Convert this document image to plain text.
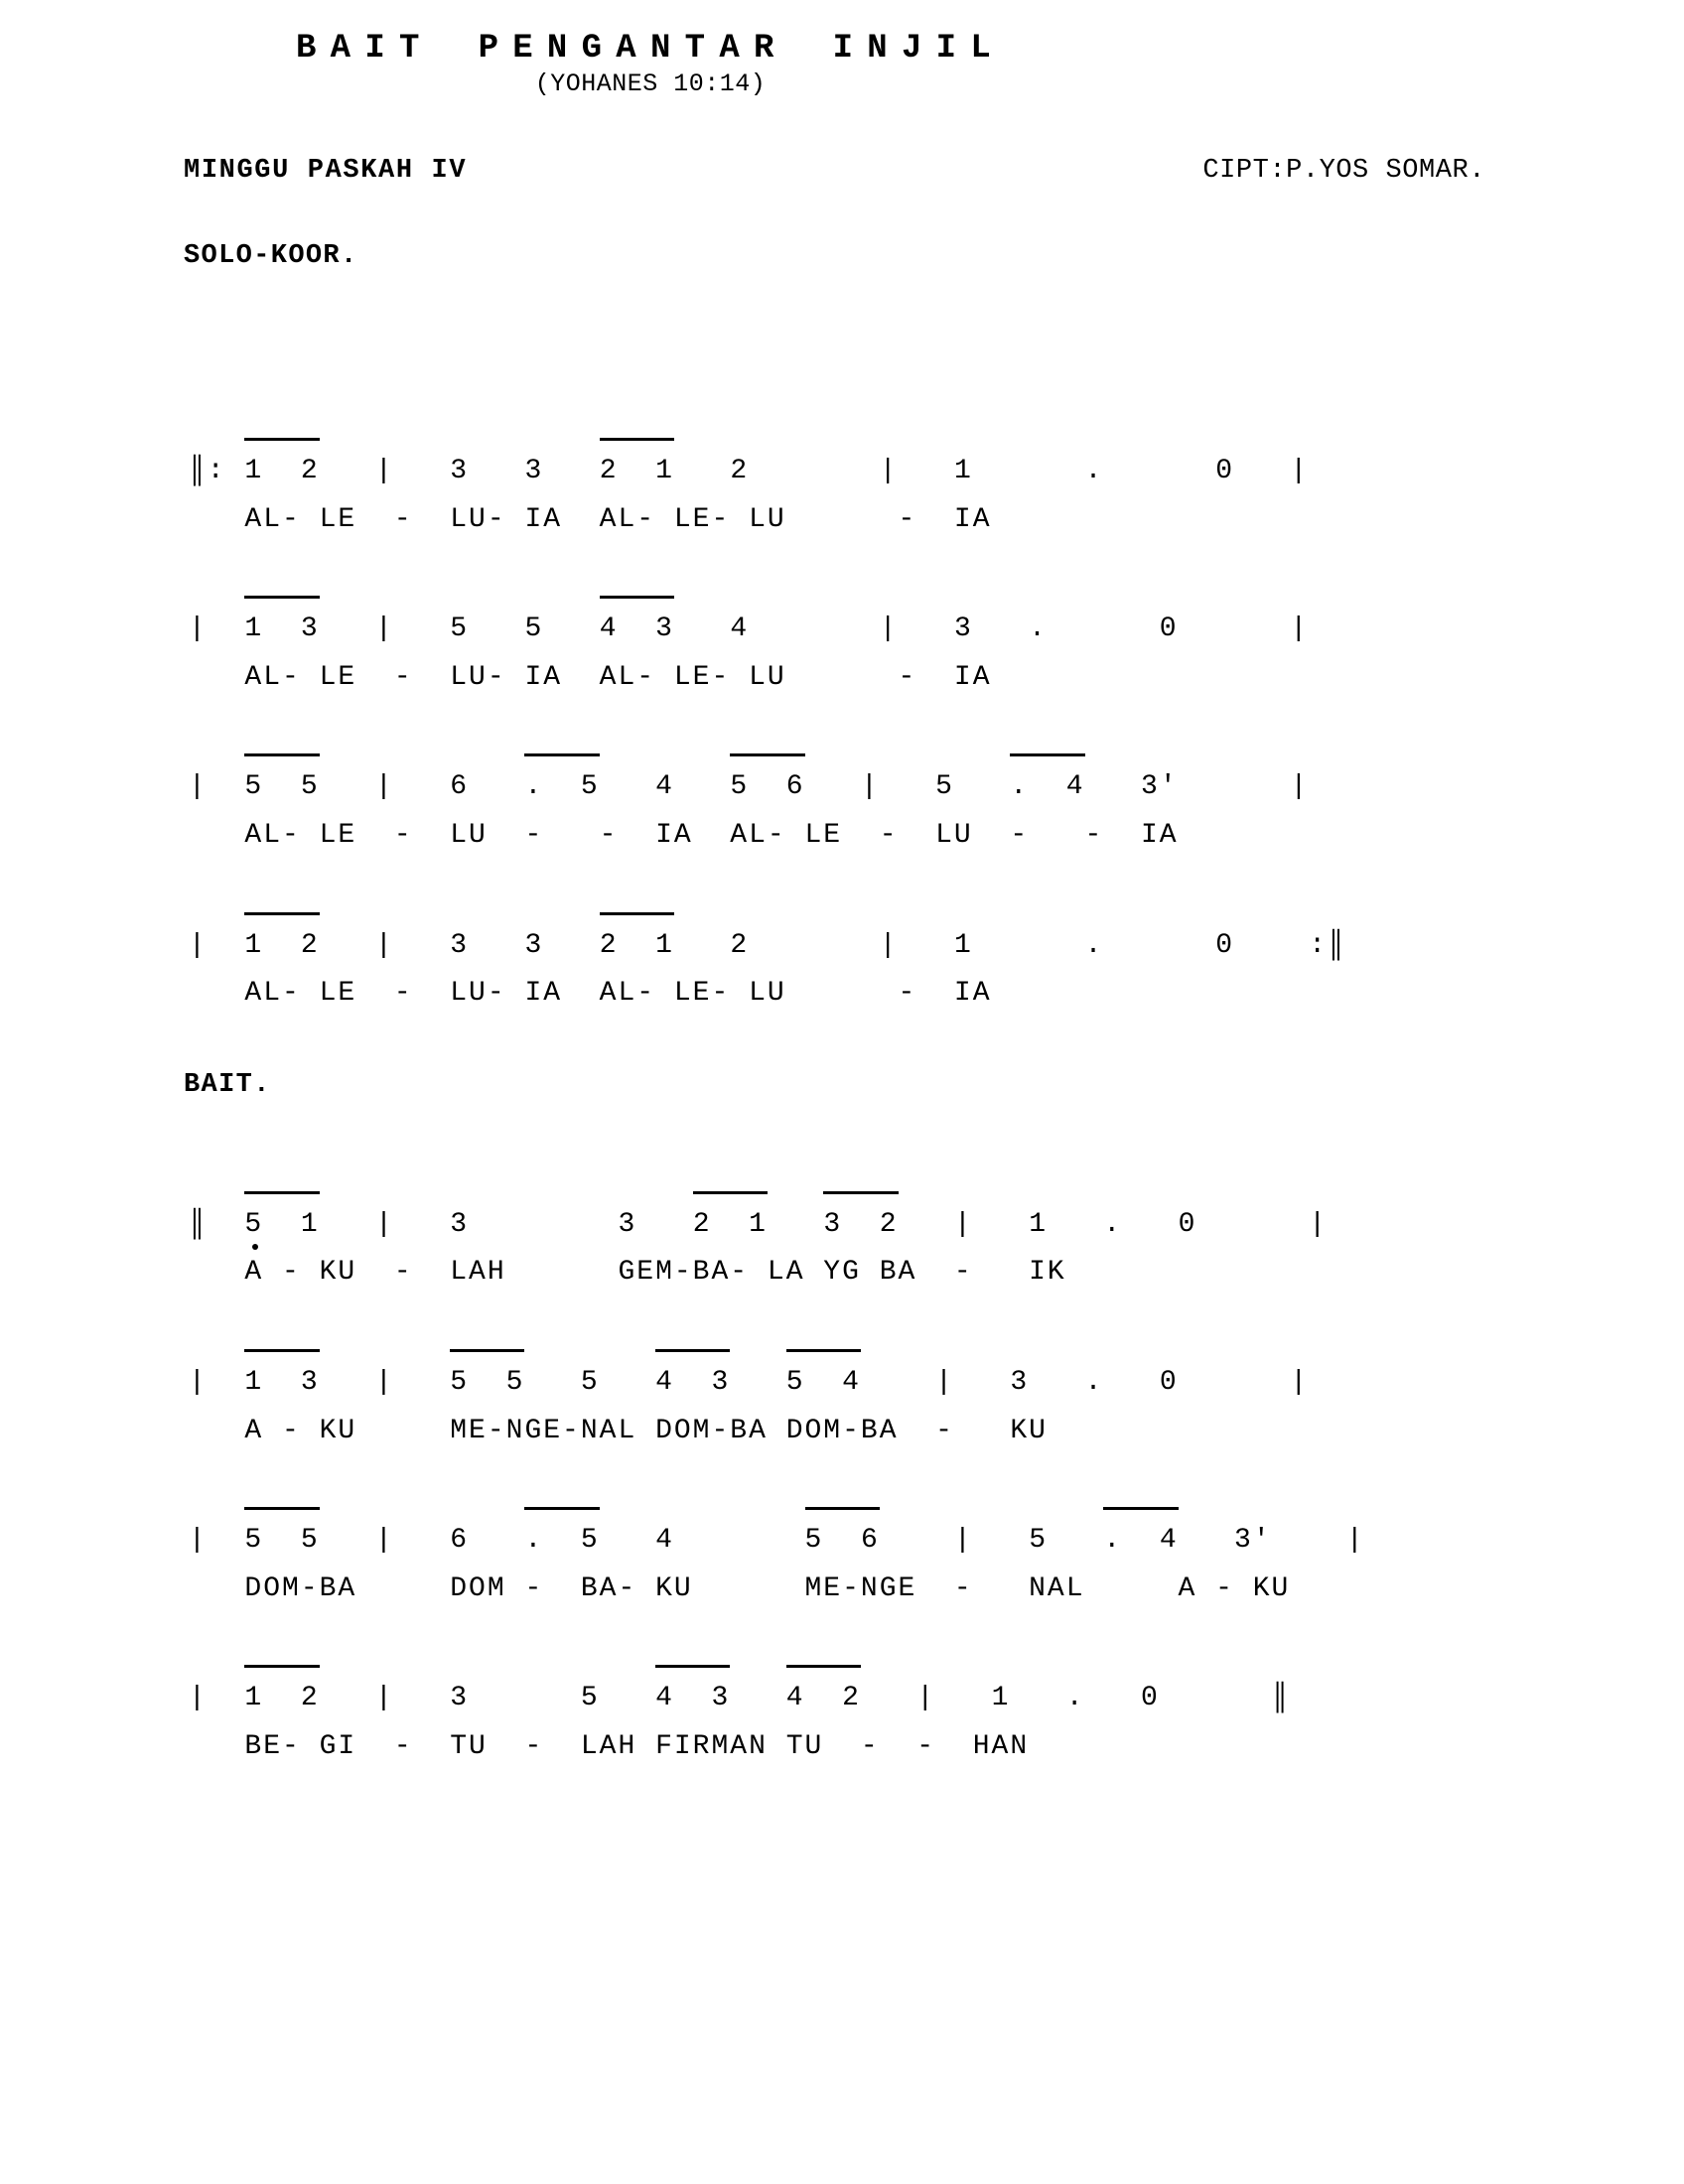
BAIT PENGANTAR INJIL
(YOHANES 10:14)
MINGGU PASKAH IV	CIPT:P.YOS SOMAR.
SOLO-KOOR.
║: 1  2   |   3   3   2  1   2       |   1      .      0   |
AL- LE  -  LU- IA  AL- LE- LU      -  IA
|  1  3   |   5   5   4  3   4       |   3   .      0      |
AL- LE  -  LU- IA  AL- LE- LU      -  IA
|  5  5   |   6   .  5   4   5  6   |   5   .  4   3'      |
AL- LE  -  LU  -   -  IA  AL- LE  -  LU  -   -  IA
|  1  2   |   3   3   2  1   2       |   1      .      0    :║
AL- LE  -  LU- IA  AL- LE- LU      -  IA
BAIT.
║  5  1   |   3        3   2  1 3  2   |   1   .   0      |
A - KU  -  LAH      GEM-BA- LA YG BA  -   IK
|  1  3   |   5  5   5   4  3 5  4    |   3   .   0      |
A - KU     ME-NGE-NAL DOM-BA DOM-BA  -   KU
|  5  5   |   6   .  5   4       5  6    |   5   .  4   3'    |
DOM-BA     DOM -  BA- KU      ME-NGE  -   NAL     A - KU
|  1  2   |   3      5   4  3 4  2   |   1   .   0      ║
BE- GI  -  TU  -  LAH FIRMAN TU  -  -  HAN
